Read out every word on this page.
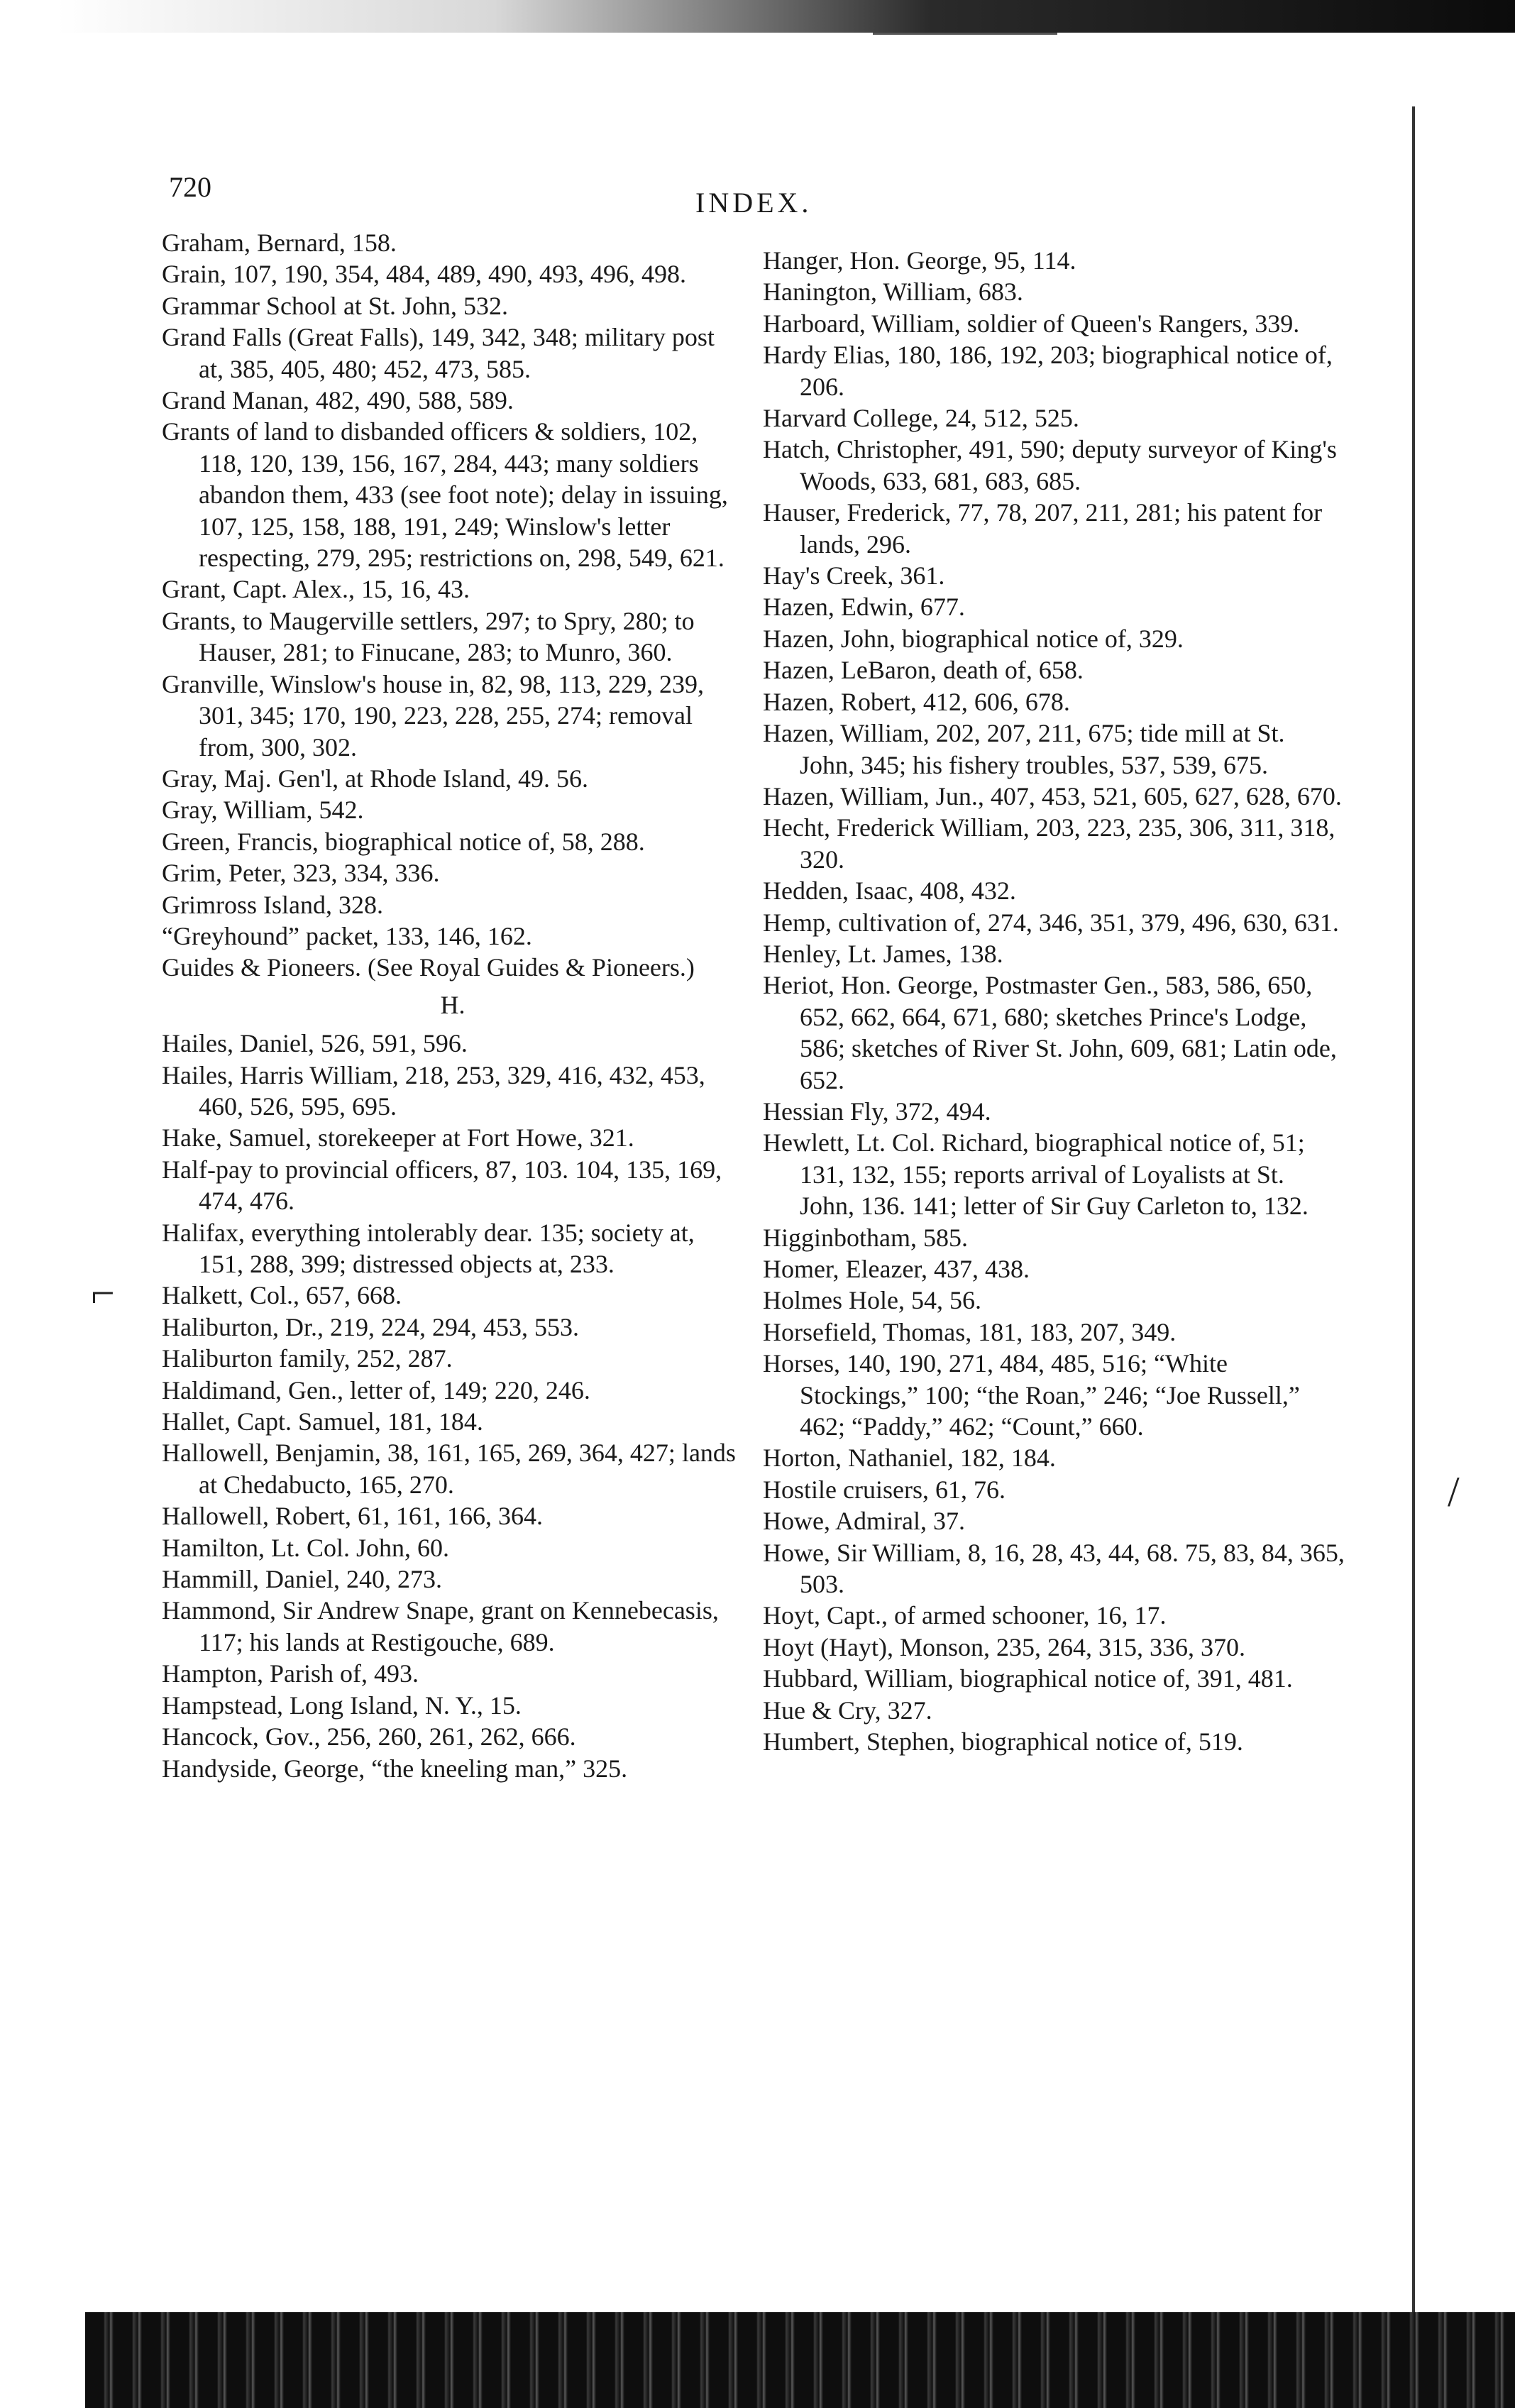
720	INDEX.

Graham, Bernard, 158.

Grain, 107, 190, 354, 484, 489, 490, 493, 496, 498.

Grammar School at St. John, 532.

Grand Falls (Great Falls), 149, 342, 348; military post at, 385, 405, 480; 452, 473, 585.

Grand Manan, 482, 490, 588, 589.

Grants of land to disbanded officers & soldiers, 102, 118, 120, 139, 156, 167, 284, 443; many soldiers abandon them, 433 (see foot note); delay in issuing, 107, 125, 158, 188, 191, 249; Winslow's letter respecting, 279, 295; restrictions on, 298, 549, 621.

Grant, Capt. Alex., 15, 16, 43.

Grants, to Maugerville settlers, 297; to Spry, 280; to Hauser, 281; to Finucane, 283; to Munro, 360.

Granville, Winslow's house in, 82, 98, 113, 229, 239, 301, 345; 170, 190, 223, 228, 255, 274; removal from, 300, 302.

Gray, Maj. Gen'l, at Rhode Island, 49. 56.

Gray, William, 542.

Green, Francis, biographical notice of, 58, 288.

Grim, Peter, 323, 334, 336.

Grimross Island, 328.

“Greyhound” packet, 133, 146, 162.

Guides & Pioneers. (See Royal Guides & Pioneers.)

H.

Hailes, Daniel, 526, 591, 596.

Hailes, Harris William, 218, 253, 329, 416, 432, 453, 460, 526, 595, 695.

Hake, Samuel, storekeeper at Fort Howe, 321.

Half-pay to provincial officers, 87, 103. 104, 135, 169, 474, 476.

Halifax, everything intolerably dear. 135; society at, 151, 288, 399; distressed objects at, 233.

Halkett, Col., 657, 668.

Haliburton, Dr., 219, 224, 294, 453, 553.

Haliburton family, 252, 287.

Haldimand, Gen., letter of, 149; 220, 246.

Hallet, Capt. Samuel, 181, 184.

Hallowell, Benjamin, 38, 161, 165, 269, 364, 427; lands at Chedabucto, 165, 270.

Hallowell, Robert, 61, 161, 166, 364.

Hamilton, Lt. Col. John, 60.

Hammill, Daniel, 240, 273.

Hammond, Sir Andrew Snape, grant on Kennebecasis, 117; his lands at Restigouche, 689.

Hampton, Parish of, 493.

Hampstead, Long Island, N. Y., 15.

Hancock, Gov., 256, 260, 261, 262, 666.

Handyside, George, “the kneeling man,” 325.

Hanger, Hon. George, 95, 114.

Hanington, William, 683.

Harboard, William, soldier of Queen's Rangers, 339.

Hardy Elias, 180, 186, 192, 203; biographical notice of, 206.

Harvard College, 24, 512, 525.

Hatch, Christopher, 491, 590; deputy surveyor of King's Woods, 633, 681, 683, 685.

Hauser, Frederick, 77, 78, 207, 211, 281; his patent for lands, 296.

Hay's Creek, 361.

Hazen, Edwin, 677.

Hazen, John, biographical notice of, 329.

Hazen, LeBaron, death of, 658.

Hazen, Robert, 412, 606, 678.

Hazen, William, 202, 207, 211, 675; tide mill at St. John, 345; his fishery troubles, 537, 539, 675.

Hazen, William, Jun., 407, 453, 521, 605, 627, 628, 670.

Hecht, Frederick William, 203, 223, 235, 306, 311, 318, 320.

Hedden, Isaac, 408, 432.

Hemp, cultivation of, 274, 346, 351, 379, 496, 630, 631.

Henley, Lt. James, 138.

Heriot, Hon. George, Postmaster Gen., 583, 586, 650, 652, 662, 664, 671, 680; sketches Prince's Lodge, 586; sketches of River St. John, 609, 681; Latin ode, 652.

Hessian Fly, 372, 494.

Hewlett, Lt. Col. Richard, biographical notice of, 51; 131, 132, 155; reports arrival of Loyalists at St. John, 136. 141; letter of Sir Guy Carleton to, 132.

Higginbotham, 585.

Homer, Eleazer, 437, 438.

Holmes Hole, 54, 56.

Horsefield, Thomas, 181, 183, 207, 349.

Horses, 140, 190, 271, 484, 485, 516; “White Stockings,” 100; “the Roan,” 246; “Joe Russell,” 462; “Paddy,” 462; “Count,” 660.

Horton, Nathaniel, 182, 184.

Hostile cruisers, 61, 76.

Howe, Admiral, 37.

Howe, Sir William, 8, 16, 28, 43, 44, 68. 75, 83, 84, 365, 503.

Hoyt, Capt., of armed schooner, 16, 17.

Hoyt (Hayt), Monson, 235, 264, 315, 336, 370.

Hubbard, William, biographical notice of, 391, 481.

Hue & Cry, 327.

Humbert, Stephen, biographical notice of, 519.

⌐
/
